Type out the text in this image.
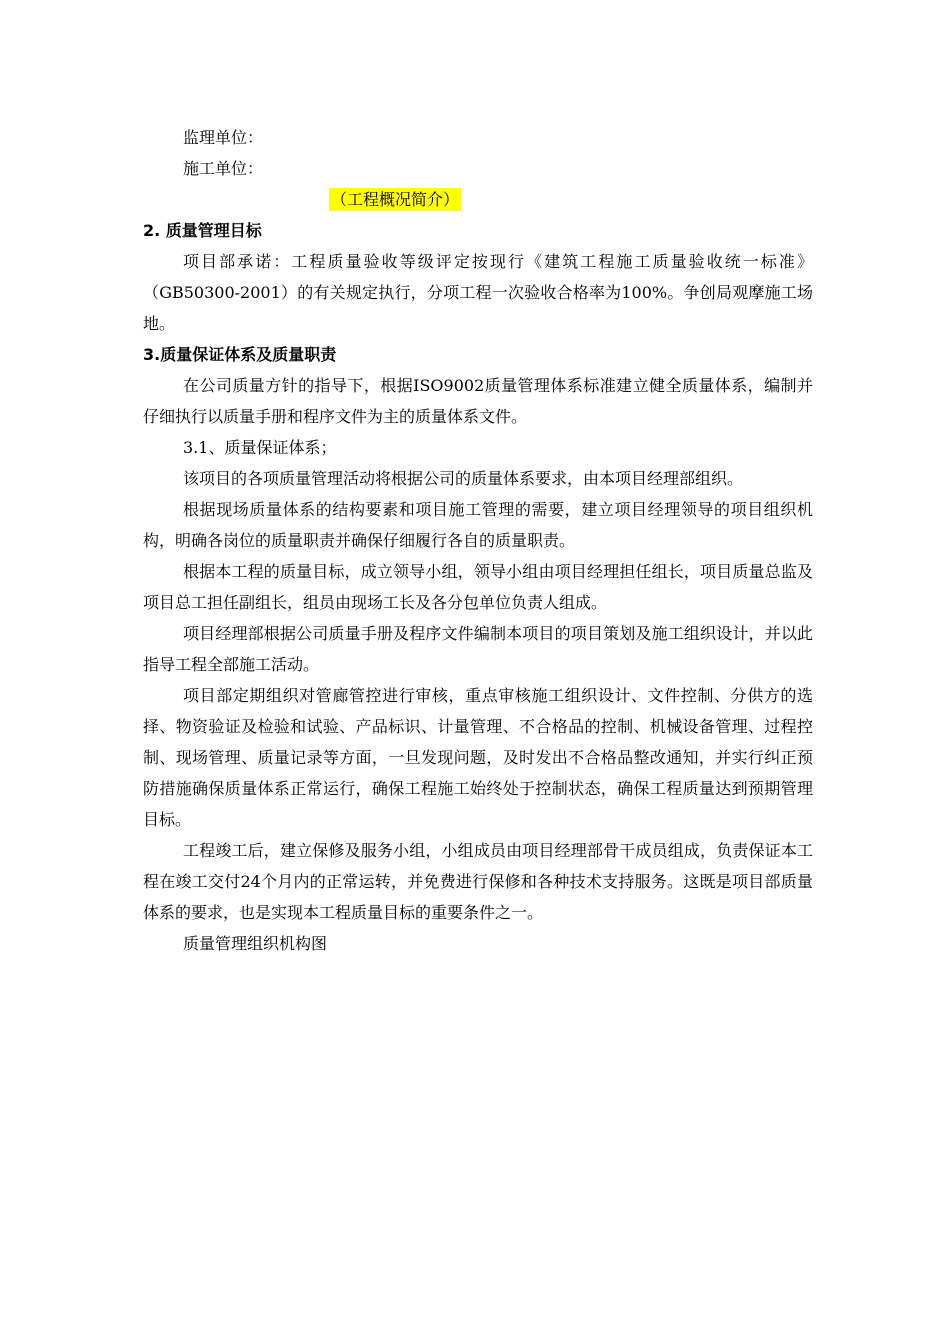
监理单位：
施工单位：
（工程概况简介）
2. 质量管理目标

项目部承诺：工程质量验收等级评定按现行《建筑工程施工质量验收统一标准》（GB50300-2001）的有关规定执行，分项工程一次验收合格率为100%。争创局观摩施工场地。

3.质量保证体系及质量职责

在公司质量方针的指导下，根据ISO9002质量管理体系标准建立健全质量体系，编制并仔细执行以质量手册和程序文件为主的质量体系文件。

3.1、质量保证体系；

该项目的各项质量管理活动将根据公司的质量体系要求，由本项目经理部组织。

根据现场质量体系的结构要素和项目施工管理的需要，建立项目经理领导的项目组织机构，明确各岗位的质量职责并确保仔细履行各自的质量职责。

根据本工程的质量目标，成立领导小组，领导小组由项目经理担任组长，项目质量总监及项目总工担任副组长，组员由现场工长及各分包单位负责人组成。

项目经理部根据公司质量手册及程序文件编制本项目的项目策划及施工组织设计，并以此指导工程全部施工活动。

项目部定期组织对管廊管控进行审核，重点审核施工组织设计、文件控制、分供方的选择、物资验证及检验和试验、产品标识、计量管理、不合格品的控制、机械设备管理、过程控制、现场管理、质量记录等方面，一旦发现问题，及时发出不合格品整改通知，并实行纠正预防措施确保质量体系正常运行，确保工程施工始终处于控制状态，确保工程质量达到预期管理目标。

工程竣工后，建立保修及服务小组，小组成员由项目经理部骨干成员组成，负责保证本工程在竣工交付24个月内的正常运转，并免费进行保修和各种技术支持服务。这既是项目部质量体系的要求，也是实现本工程质量目标的重要条件之一。

质量管理组织机构图
